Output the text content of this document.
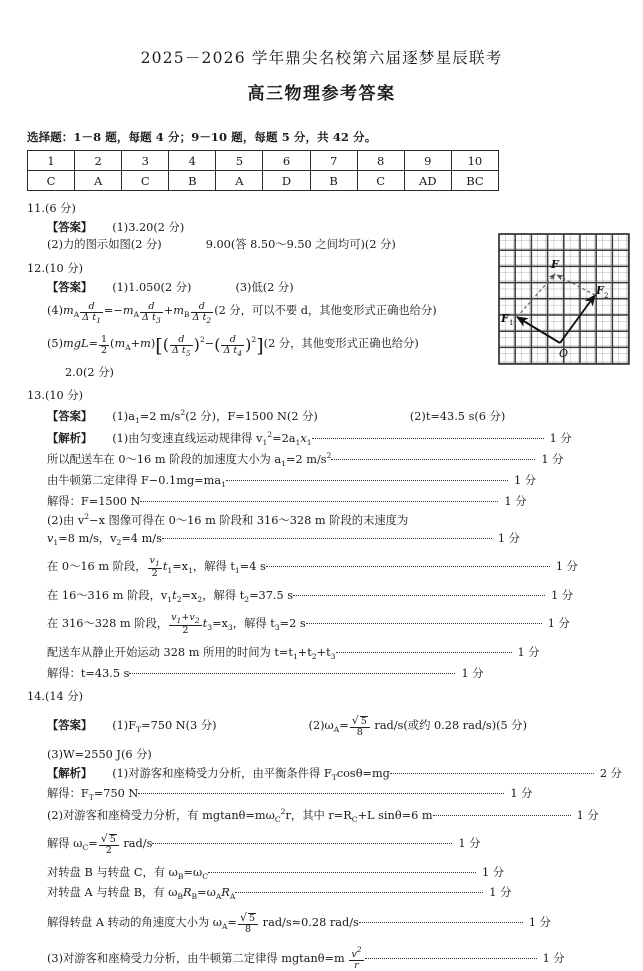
2025－2026 学年鼎尖名校第六届逐梦星辰联考
高三物理参考答案
选择题：1－8 题，每题 4 分；9－10 题，每题 5 分，共 42 分。
1	2	3	4	5	6	7	8	9	10
C	A	C	B	A	D	B	C	AD	BC
F
F 1
F 2
O
11.(6 分)
【答案】 (1)3.20(2 分)
(2)力的图示如图(2 分)	9.00(答 8.50～9.50 之间均可)(2 分)
12.(10 分)
【答案】 (1)1.050(2 分)	(3)低(2 分)
$(4)m_A \frac{d}{\Delta t_1} =-m_A \frac{d}{\Delta t_3} +m_B \frac{d}{\Delta t_2} (2$ 分，可以不要 d，其他变形式正确也给分)
$(5)mgL= \frac{1}{2} (m_A+m)[( \frac{d}{\Delta t_5} )^2-( \frac{d}{\Delta t_4} )^2](2$ 分，其他变形式正确也给分)
2.0(2 分)
13.(10 分)
【答案】 $(1)a_1=2$ $m/s^2(2$ 分)，F=1500 N(2 分)	(2)t=43.5 s(6 分)
【解析】 (1)由匀变速直线运动规律得 $v_1^2=2a_1x_1$	1 分
所以配送车在 0～16 m 阶段的加速度大小为 $a_1=2$ $m/s^2$	1 分
由牛顿第二定律得 $F-0.1mg=ma_1$	1 分
解得：F=1500 N	1 分
(2)由 $v^2-x$ 图像可得在 0～16 m 阶段和 316～328 m 阶段的末速度为
$v_1=8$ m/s，$v_2=4$ m/s	1 分
在 0～16 m 阶段， $\frac{v_1}{2} t_1=x_1$，解得 $t_1=4$ s	1 分
在 16～316 m 阶段，$v_1t_2=x_2$，解得 $t_2=37.5$ s	1 分
在 316～328 m 阶段， $\frac{v_1+v_2}{2} t_3=x_3$，解得 $t_3=2$ s	1 分
配送车从静止开始运动 328 m 所用的时间为 $t=t_1+t_2+t_3$	1 分
解得：t=43.5 s	1 分
14.(14 分)
【答案】 $(1)F_T=750$ N(3 分)	$(2)\omega_A= \frac{√ 5}{8} rad/s$(或约 0.28 rad/s)(5 分)
(3)W=2550 J(6 分)
【解析】 (1)对游客和座椅受力分析，由平衡条件得 $F_T\cos\theta=mg$	2 分
解得：$F_T=750$ N	1 分
(2)对游客和座椅受力分析，有 $mgtan\theta=m\omega_C^2r$，其中 $r=R_C+L$ sinθ=6 m	1 分
解得 $\omega_C= \frac{√ 5}{2} rad/s$	1 分
对转盘 B 与转盘 C，有 $\omega_B=\omega_C$	1 分
对转盘 A 与转盘 B，有 $\omega_BR_B=\omega_AR_A$	1 分
解得转盘 A 转动的角速度大小为 $\omega_A= \frac{√ 5}{8} rad/s\approx 0.28$ rad/s	1 分
(3)对游客和座椅受力分析，由牛顿第二定律得 $mgtan\theta=m \frac{v^2}{r}$	1 分
